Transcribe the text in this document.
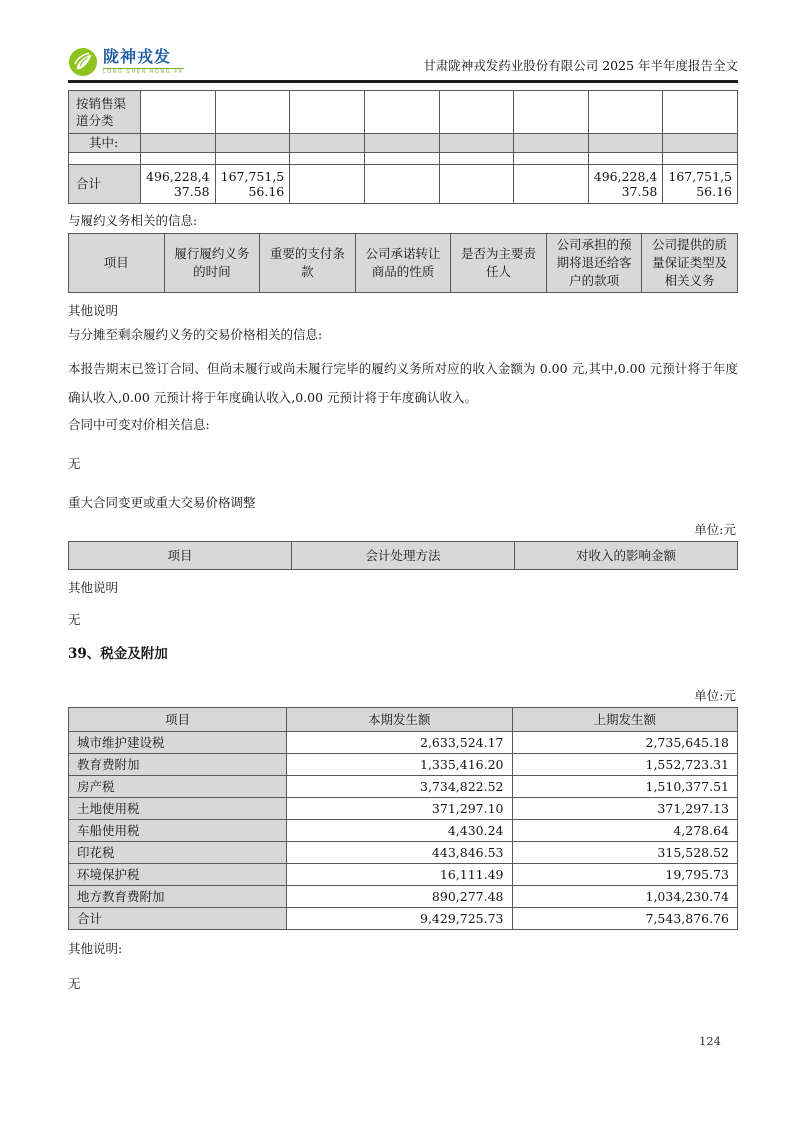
陇神戎发
LONG SHEN RONG FA	甘肃陇神戎发药业股份有限公司 2025 年半年度报告全文
按销售渠道分类								
其中:								

合计	496,228,437.58	167,751,556.16					496,228,437.58	167,751,556.16

与履约义务相关的信息:

项目	履行履约义务的时间	重要的支付条款	公司承诺转让商品的性质	是否为主要责任人	公司承担的预期将退还给客户的款项	公司提供的质量保证类型及相关义务

其他说明

与分摊至剩余履约义务的交易价格相关的信息:

本报告期末已签订合同、但尚未履行或尚未履行完毕的履约义务所对应的收入金额为 0.00 元,其中,0.00 元预计将于年度确认收入,0.00 元预计将于年度确认收入,0.00 元预计将于年度确认收入。

合同中可变对价相关信息:

无

重大合同变更或重大交易价格调整

单位:元
项目	会计处理方法	对收入的影响金额

其他说明

无

39、税金及附加
单位:元
项目	本期发生额	上期发生额
城市维护建设税	2,633,524.17	2,735,645.18
教育费附加	1,335,416.20	1,552,723.31
房产税	3,734,822.52	1,510,377.51
土地使用税	371,297.10	371,297.13
车船使用税	4,430.24	4,278.64
印花税	443,846.53	315,528.52
环境保护税	16,111.49	19,795.73
地方教育费附加	890,277.48	1,034,230.74
合计	9,429,725.73	7,543,876.76

其他说明:

无

124
